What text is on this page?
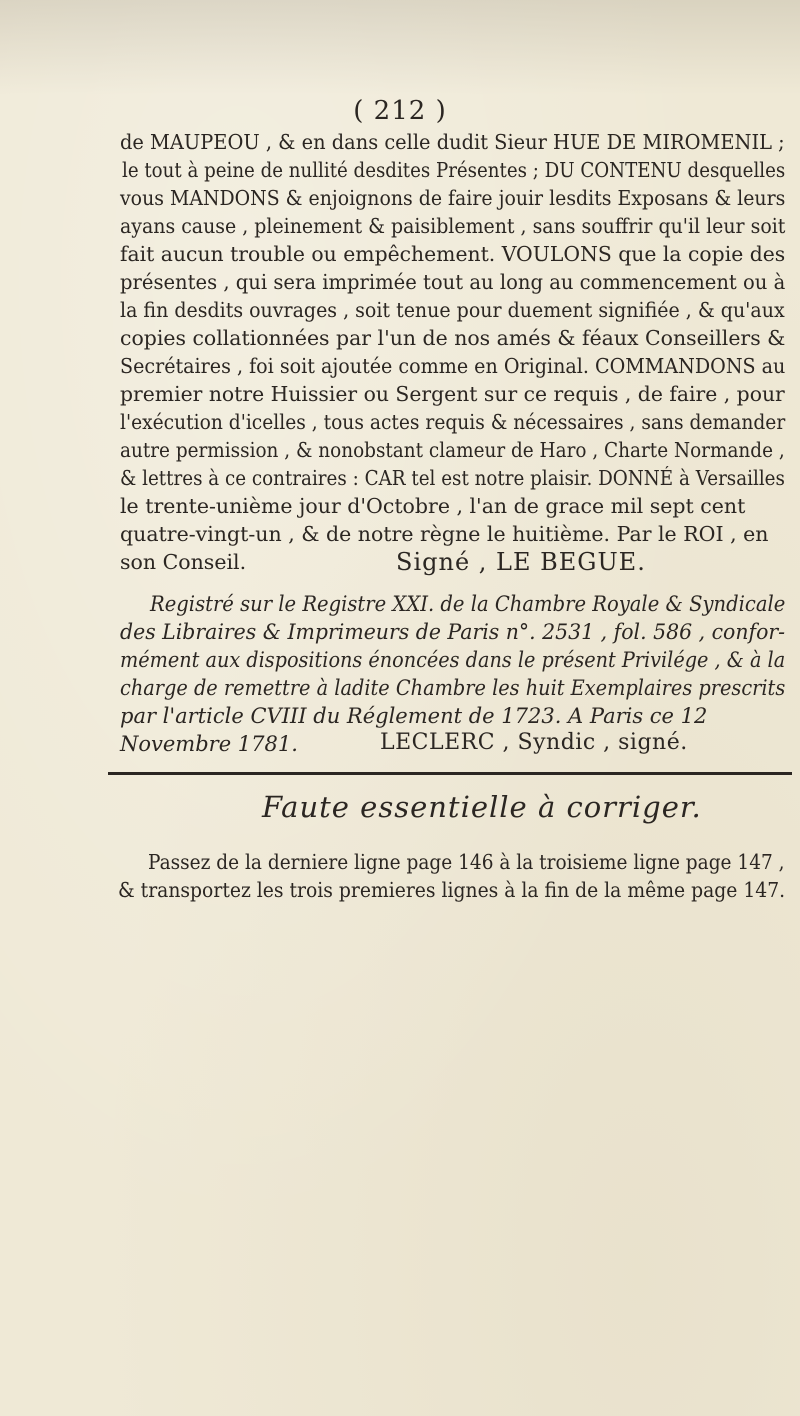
( 212 )
de MAUPEOU , & en dans celle dudit Sieur HUE DE MIROMENIL ;
le tout à peine de nullité desdites Présentes ; DU CONTENU desquelles
vous MANDONS & enjoignons de faire jouir lesdits Exposans & leurs
ayans cause , pleinement & paisiblement , sans souffrir qu'il leur soit
fait aucun trouble ou empêchement. VOULONS que la copie des
présentes , qui sera imprimée tout au long au commencement ou à
la fin desdits ouvrages , soit tenue pour duement signifiée , & qu'aux
copies collationnées par l'un de nos amés & féaux Conseillers &
Secrétaires , foi soit ajoutée comme en Original. COMMANDONS au
premier notre Huissier ou Sergent sur ce requis , de faire , pour
l'exécution d'icelles , tous actes requis & nécessaires , sans demander
autre permission , & nonobstant clameur de Haro , Charte Normande ,
& lettres à ce contraires : CAR tel est notre plaisir. DONNÉ à Versailles
le trente-unième jour d'Octobre , l'an de grace mil sept cent
quatre-vingt-un , & de notre règne le huitième. Par le ROI , en
son Conseil.	Signé , LE BEGUE.
Registré sur le Registre XXI. de la Chambre Royale & Syndicale
des Libraires & Imprimeurs de Paris n°. 2531 , fol. 586 , confor-
mément aux dispositions énoncées dans le présent Privilége , & à la
charge de remettre à ladite Chambre les huit Exemplaires prescrits
par l'article CVIII du Réglement de 1723. A Paris ce 12
Novembre 1781.	LECLERC , Syndic , signé.
Faute essentielle à corriger.
Passez de la derniere ligne page 146 à la troisieme ligne page 147 ,
& transportez les trois premieres lignes à la fin de la même page 147.
